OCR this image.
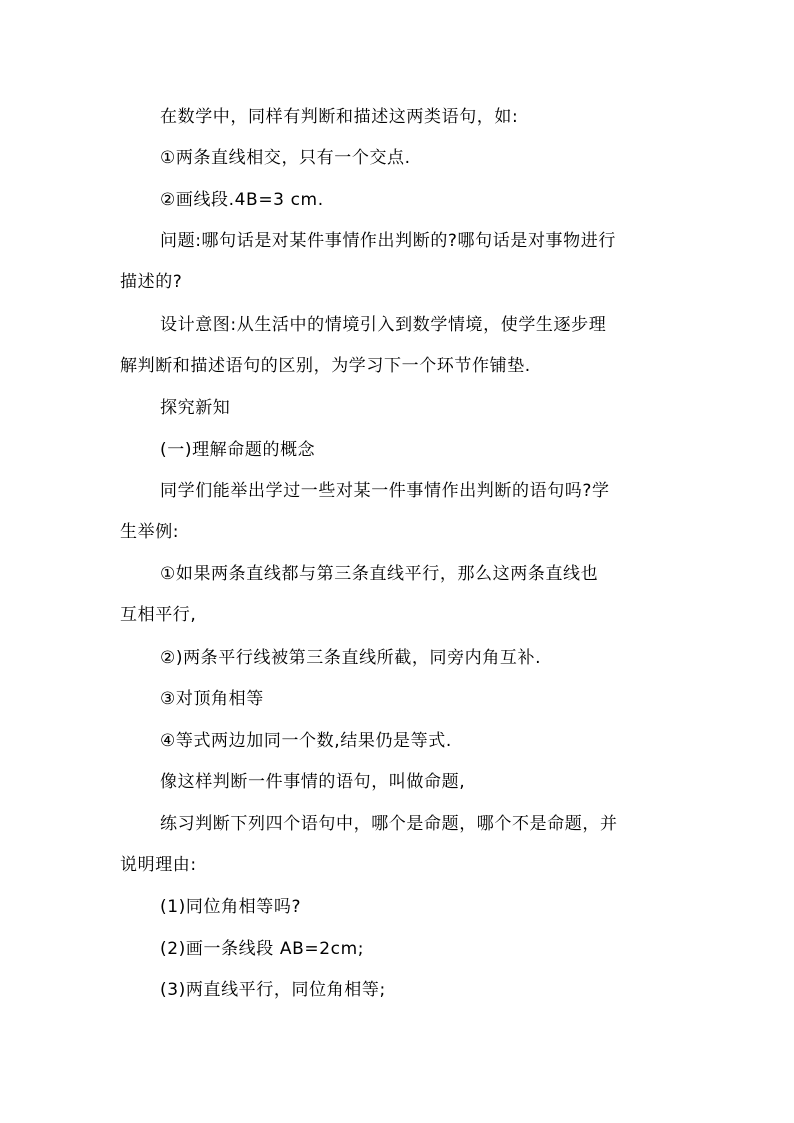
在数学中，同样有判断和描述这两类语句，如:

①两条直线相交，只有一个交点.

②画线段.4B=3 cm.

问题:哪句话是对某件事情作出判断的?哪句话是对事物进行
描述的?

设计意图:从生活中的情境引入到数学情境，使学生逐步理
解判断和描述语句的区别，为学习下一个环节作铺垫.

探究新知

(一)理解命题的概念

同学们能举出学过一些对某一件事情作出判断的语句吗?学
生举例:

①如果两条直线都与第三条直线平行，那么这两条直线也
互相平行,

②)两条平行线被第三条直线所截，同旁内角互补.

③对顶角相等

④等式两边加同一个数,结果仍是等式.

像这样判断一件事情的语句，叫做命题,

练习判断下列四个语句中，哪个是命题，哪个不是命题，并
说明理由:

(1)同位角相等吗?

(2)画一条线段 AB=2cm;

(3)两直线平行，同位角相等;
